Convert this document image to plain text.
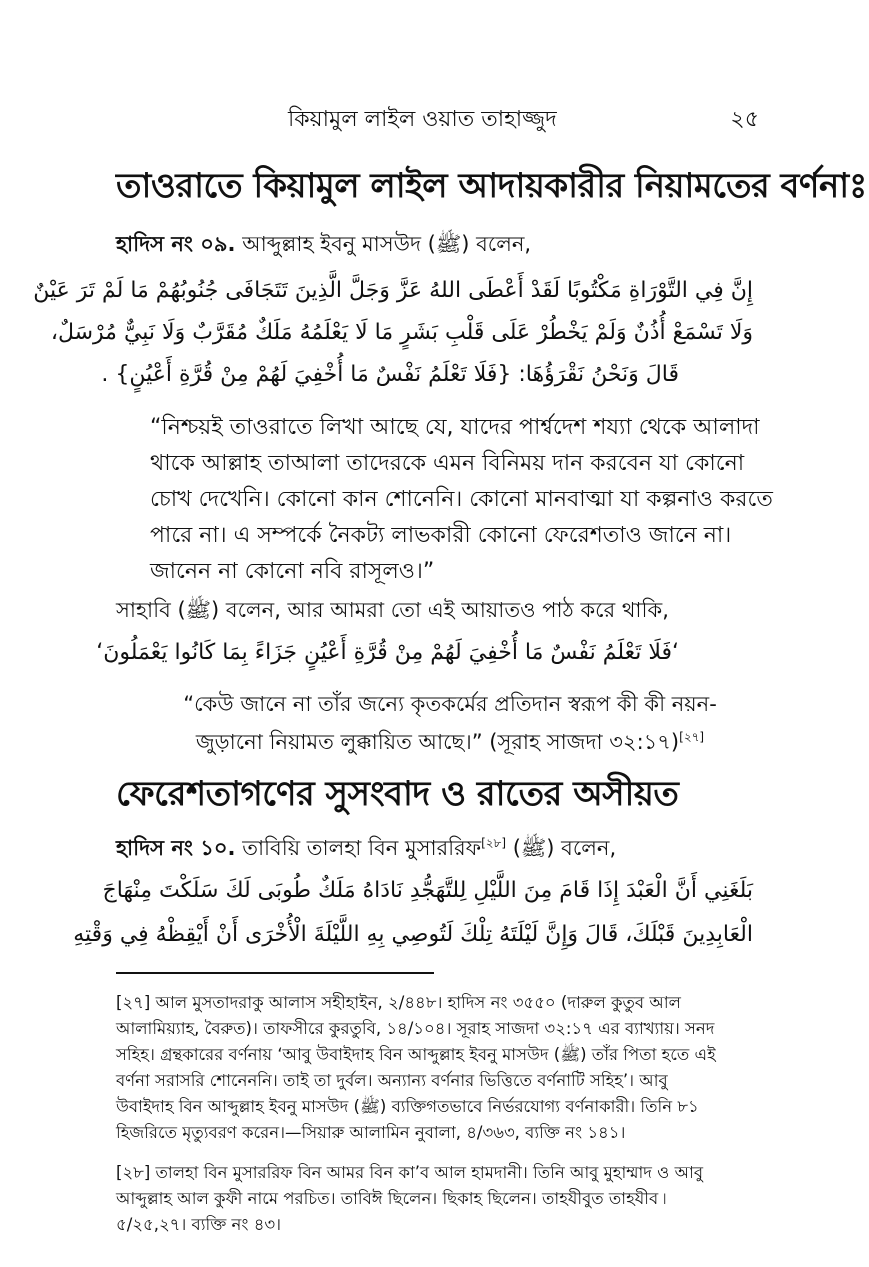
কিয়ামুল লাইল ওয়াত তাহাজ্জুদ	২৫
তাওরাতে কিয়ামুল লাইল আদায়কারীর নিয়ামতের বর্ণনাঃ
হাদিস নং ০৯. আব্দুল্লাহ ইবনু মাসউদ (ﷺ) বলেন,
إِنَّ فِي التَّوْرَاةِ مَكْتُوبًا لَقَدْ أَعْطَى اللهُ عَزَّ وَجَلَّ الَّذِينَ تَتَجَافَى جُنُوبُهُمْ مَا لَمْ تَرَ عَيْنٌ
وَلَا تَسْمَعْ أُذُنٌ وَلَمْ يَخْطُرْ عَلَى قَلْبِ بَشَرٍ مَا لَا يَعْلَمُهُ مَلَكٌ مُقَرَّبٌ وَلَا نَبِيٌّ مُرْسَلٌ،
قَالَ وَنَحْنُ نَقْرَؤُهَا: {فَلَا تَعْلَمُ نَفْسٌ مَا أُخْفِيَ لَهُمْ مِنْ قُرَّةِ أَعْيُنٍ} .
“নিশ্চয়ই তাওরাতে লিখা আছে যে, যাদের পার্শ্বদেশ শয্যা থেকে আলাদা
থাকে আল্লাহ তাআলা তাদেরকে এমন বিনিময় দান করবেন যা কোনো
চোখ দেখেনি। কোনো কান শোনেনি। কোনো মানবাত্মা যা কল্পনাও করতে
পারে না। এ সম্পর্কে নৈকট্য লাভকারী কোনো ফেরেশতাও জানে না।
জানেন না কোনো নবি রাসূলও।”
সাহাবি (ﷺ) বলেন, আর আমরা তো এই আয়াতও পাঠ করে থাকি,
‘فَلَا تَعْلَمُ نَفْسٌ مَا أُخْفِيَ لَهُمْ مِنْ قُرَّةِ أَعْيُنٍ جَزَاءً بِمَا كَانُوا يَعْمَلُونَ‘
“কেউ জানে না তাঁর জন্যে কৃতকর্মের প্রতিদান স্বরূপ কী কী নয়ন-
জুড়ানো নিয়ামত লুক্কায়িত আছে।” (সূরাহ সাজদা ৩২:১৭)[২৭]
ফেরেশতাগণের সুসংবাদ ও রাতের অসীয়ত
হাদিস নং ১০. তাবিয়ি তালহা বিন মুসাররিফ[২৮] (ﷺ) বলেন,
بَلَغَنِي أَنَّ الْعَبْدَ إِذَا قَامَ مِنَ اللَّيْلِ لِلتَّهَجُّدِ نَادَاهُ مَلَكٌ طُوبَى لَكَ سَلَكْتَ مِنْهَاجَ
الْعَابِدِينَ قَبْلَكَ، قَالَ وَإِنَّ لَيْلَتَهُ تِلْكَ لَتُوصِي بِهِ اللَّيْلَةَ الْأُخْرَى أَنْ أَيْقِظْهُ فِي وَقْتِهِ
[২৭] আল মুসতাদরাকু আলাস সহীহাইন, ২/৪৪৮। হাদিস নং ৩৫৫০ (দারুল কুতুব আল
আলামিয়্যাহ, বৈরুত)। তাফসীরে কুরতুবি, ১৪/১০৪। সূরাহ সাজদা ৩২:১৭ এর ব্যাখ্যায়। সনদ
সহিহ। গ্রন্থকারের বর্ণনায় ‘আবু উবাইদাহ বিন আব্দুল্লাহ ইবনু মাসউদ (ﷺ) তাঁর পিতা হতে এই
বর্ণনা সরাসরি শোনেননি। তাই তা দুর্বল। অন্যান্য বর্ণনার ভিত্তিতে বর্ণনাটি সহিহ’। আবু
উবাইদাহ বিন আব্দুল্লাহ ইবনু মাসউদ (ﷺ) ব্যক্তিগতভাবে নির্ভরযোগ্য বর্ণনাকারী। তিনি ৮১
হিজরিতে মৃত্যুবরণ করেন।—সিয়ারু আলামিন নুবালা, ৪/৩৬৩, ব্যক্তি নং ১৪১।
[২৮] তালহা বিন মুসাররিফ বিন আমর বিন কা’ব আল হামদানী। তিনি আবু মুহাম্মাদ ও আবু
আব্দুল্লাহ আল কুফী নামে পরচিত। তাবিঈ ছিলেন। ছিকাহ ছিলেন। তাহযীবুত তাহযীব ৷
৫/২৫,২৭। ব্যক্তি নং ৪৩।
